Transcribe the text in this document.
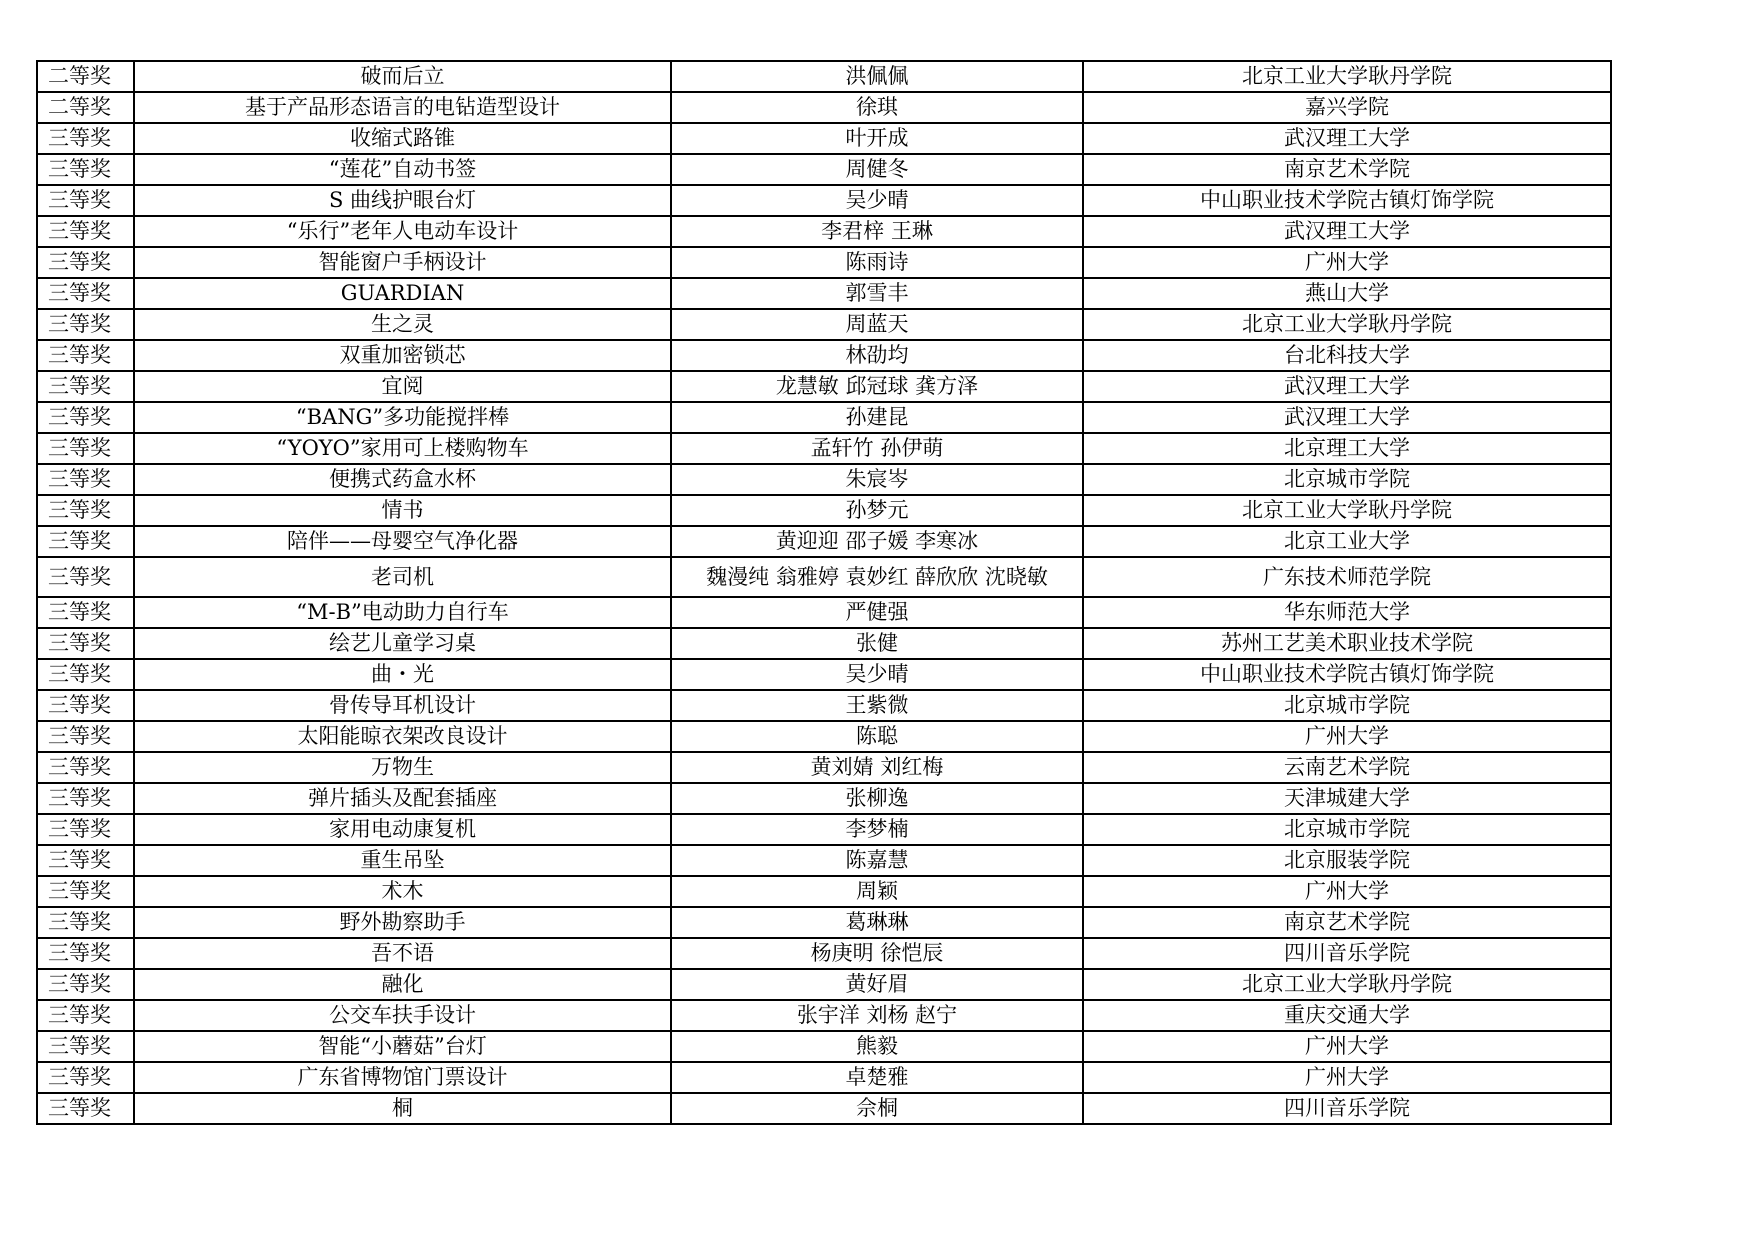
二等奖	破而后立	洪佩佩	北京工业大学耿丹学院
二等奖	基于产品形态语言的电钻造型设计	徐琪	嘉兴学院
三等奖	收缩式路锥	叶开成	武汉理工大学
三等奖	“莲花”自动书签	周健冬	南京艺术学院
三等奖	S 曲线护眼台灯	吴少晴	中山职业技术学院古镇灯饰学院
三等奖	“乐行”老年人电动车设计	李君梓 王琳	武汉理工大学
三等奖	智能窗户手柄设计	陈雨诗	广州大学
三等奖	GUARDIAN	郭雪丰	燕山大学
三等奖	生之灵	周蓝天	北京工业大学耿丹学院
三等奖	双重加密锁芯	林劭均	台北科技大学
三等奖	宜阅	龙慧敏 邱冠球 龚方泽	武汉理工大学
三等奖	“BANG”多功能搅拌棒	孙建昆	武汉理工大学
三等奖	“YOYO”家用可上楼购物车	孟轩竹 孙伊萌	北京理工大学
三等奖	便携式药盒水杯	朱宸岑	北京城市学院
三等奖	情书	孙梦元	北京工业大学耿丹学院
三等奖	陪伴——母婴空气净化器	黄迎迎 邵子媛 李寒冰	北京工业大学
三等奖	老司机	魏漫纯 翁雅婷 袁妙红 薛欣欣 沈晓敏	广东技术师范学院
三等奖	“M-B”电动助力自行车	严健强	华东师范大学
三等奖	绘艺儿童学习桌	张健	苏州工艺美术职业技术学院
三等奖	曲・光	吴少晴	中山职业技术学院古镇灯饰学院
三等奖	骨传导耳机设计	王紫微	北京城市学院
三等奖	太阳能晾衣架改良设计	陈聪	广州大学
三等奖	万物生	黄刘婧 刘红梅	云南艺术学院
三等奖	弹片插头及配套插座	张柳逸	天津城建大学
三等奖	家用电动康复机	李梦楠	北京城市学院
三等奖	重生吊坠	陈嘉慧	北京服装学院
三等奖	术木	周颖	广州大学
三等奖	野外勘察助手	葛琳琳	南京艺术学院
三等奖	吾不语	杨庚明 徐恺辰	四川音乐学院
三等奖	融化	黄好眉	北京工业大学耿丹学院
三等奖	公交车扶手设计	张宇洋 刘杨 赵宁	重庆交通大学
三等奖	智能“小蘑菇”台灯	熊毅	广州大学
三等奖	广东省博物馆门票设计	卓楚雅	广州大学
三等奖	桐	佘桐	四川音乐学院
